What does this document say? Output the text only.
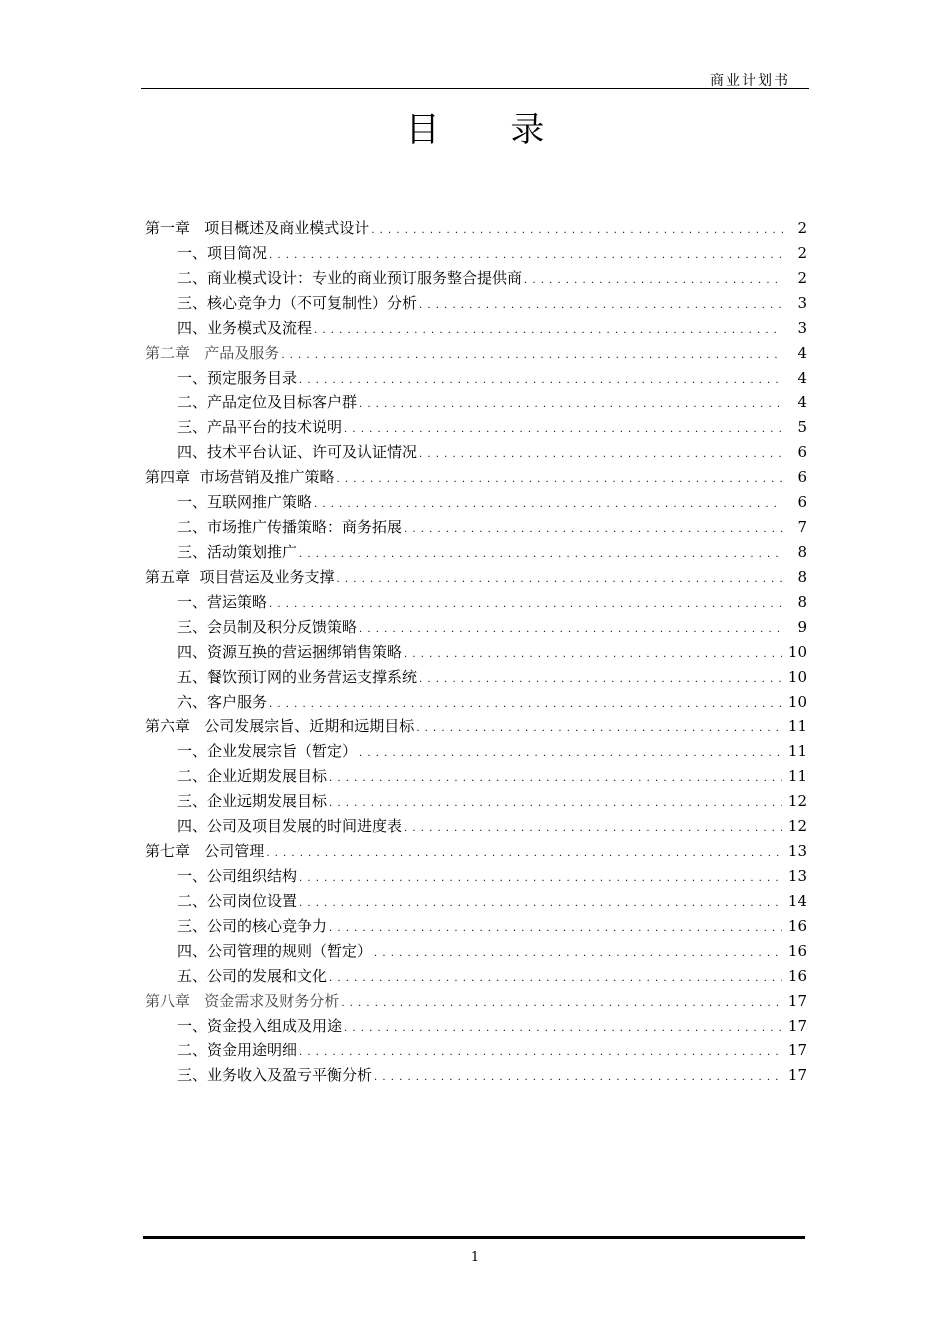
商业计划书
目 录
第一章   项目概述及商业模式设计 . . .	2
一、项目简况 . . .	2
二、商业模式设计：专业的商业预订服务整合提供商 . . .	2
三、核心竞争力（不可复制性）分析 . . .	3
四、业务模式及流程 . . .	3
第二章   产品及服务 . . .	4
一、预定服务目录 . . .	4
二、产品定位及目标客户群 . . .	4
三、产品平台的技术说明 . . .	5
四、技术平台认证、许可及认证情况 . . .	6
第四章  市场营销及推广策略 . . .	6
一、互联网推广策略 . . .	6
二、市场推广传播策略：商务拓展 . . .	7
三、活动策划推广 . . .	8
第五章  项目营运及业务支撑 . . .	8
一、营运策略 . . .	8
三、会员制及积分反馈策略 . . .	9
四、资源互换的营运捆绑销售策略 . . .	10
五、餐饮预订网的业务营运支撑系统 . . .	10
六、客户服务 . . .	10
第六章   公司发展宗旨、近期和远期目标 . . .	11
一、企业发展宗旨（暂定） . . .	11
二、企业近期发展目标 . . .	11
三、企业远期发展目标 . . .	12
四、公司及项目发展的时间进度表 . . .	12
第七章   公司管理 . . .	13
一、公司组织结构 . . .	13
二、公司岗位设置 . . .	14
三、公司的核心竞争力 . . .	16
四、公司管理的规则（暂定） . . .	16
五、公司的发展和文化 . . .	16
第八章   资金需求及财务分析 . . .	17
一、资金投入组成及用途 . . .	17
二、资金用途明细 . . .	17
三、业务收入及盈亏平衡分析 . . .	17
1
